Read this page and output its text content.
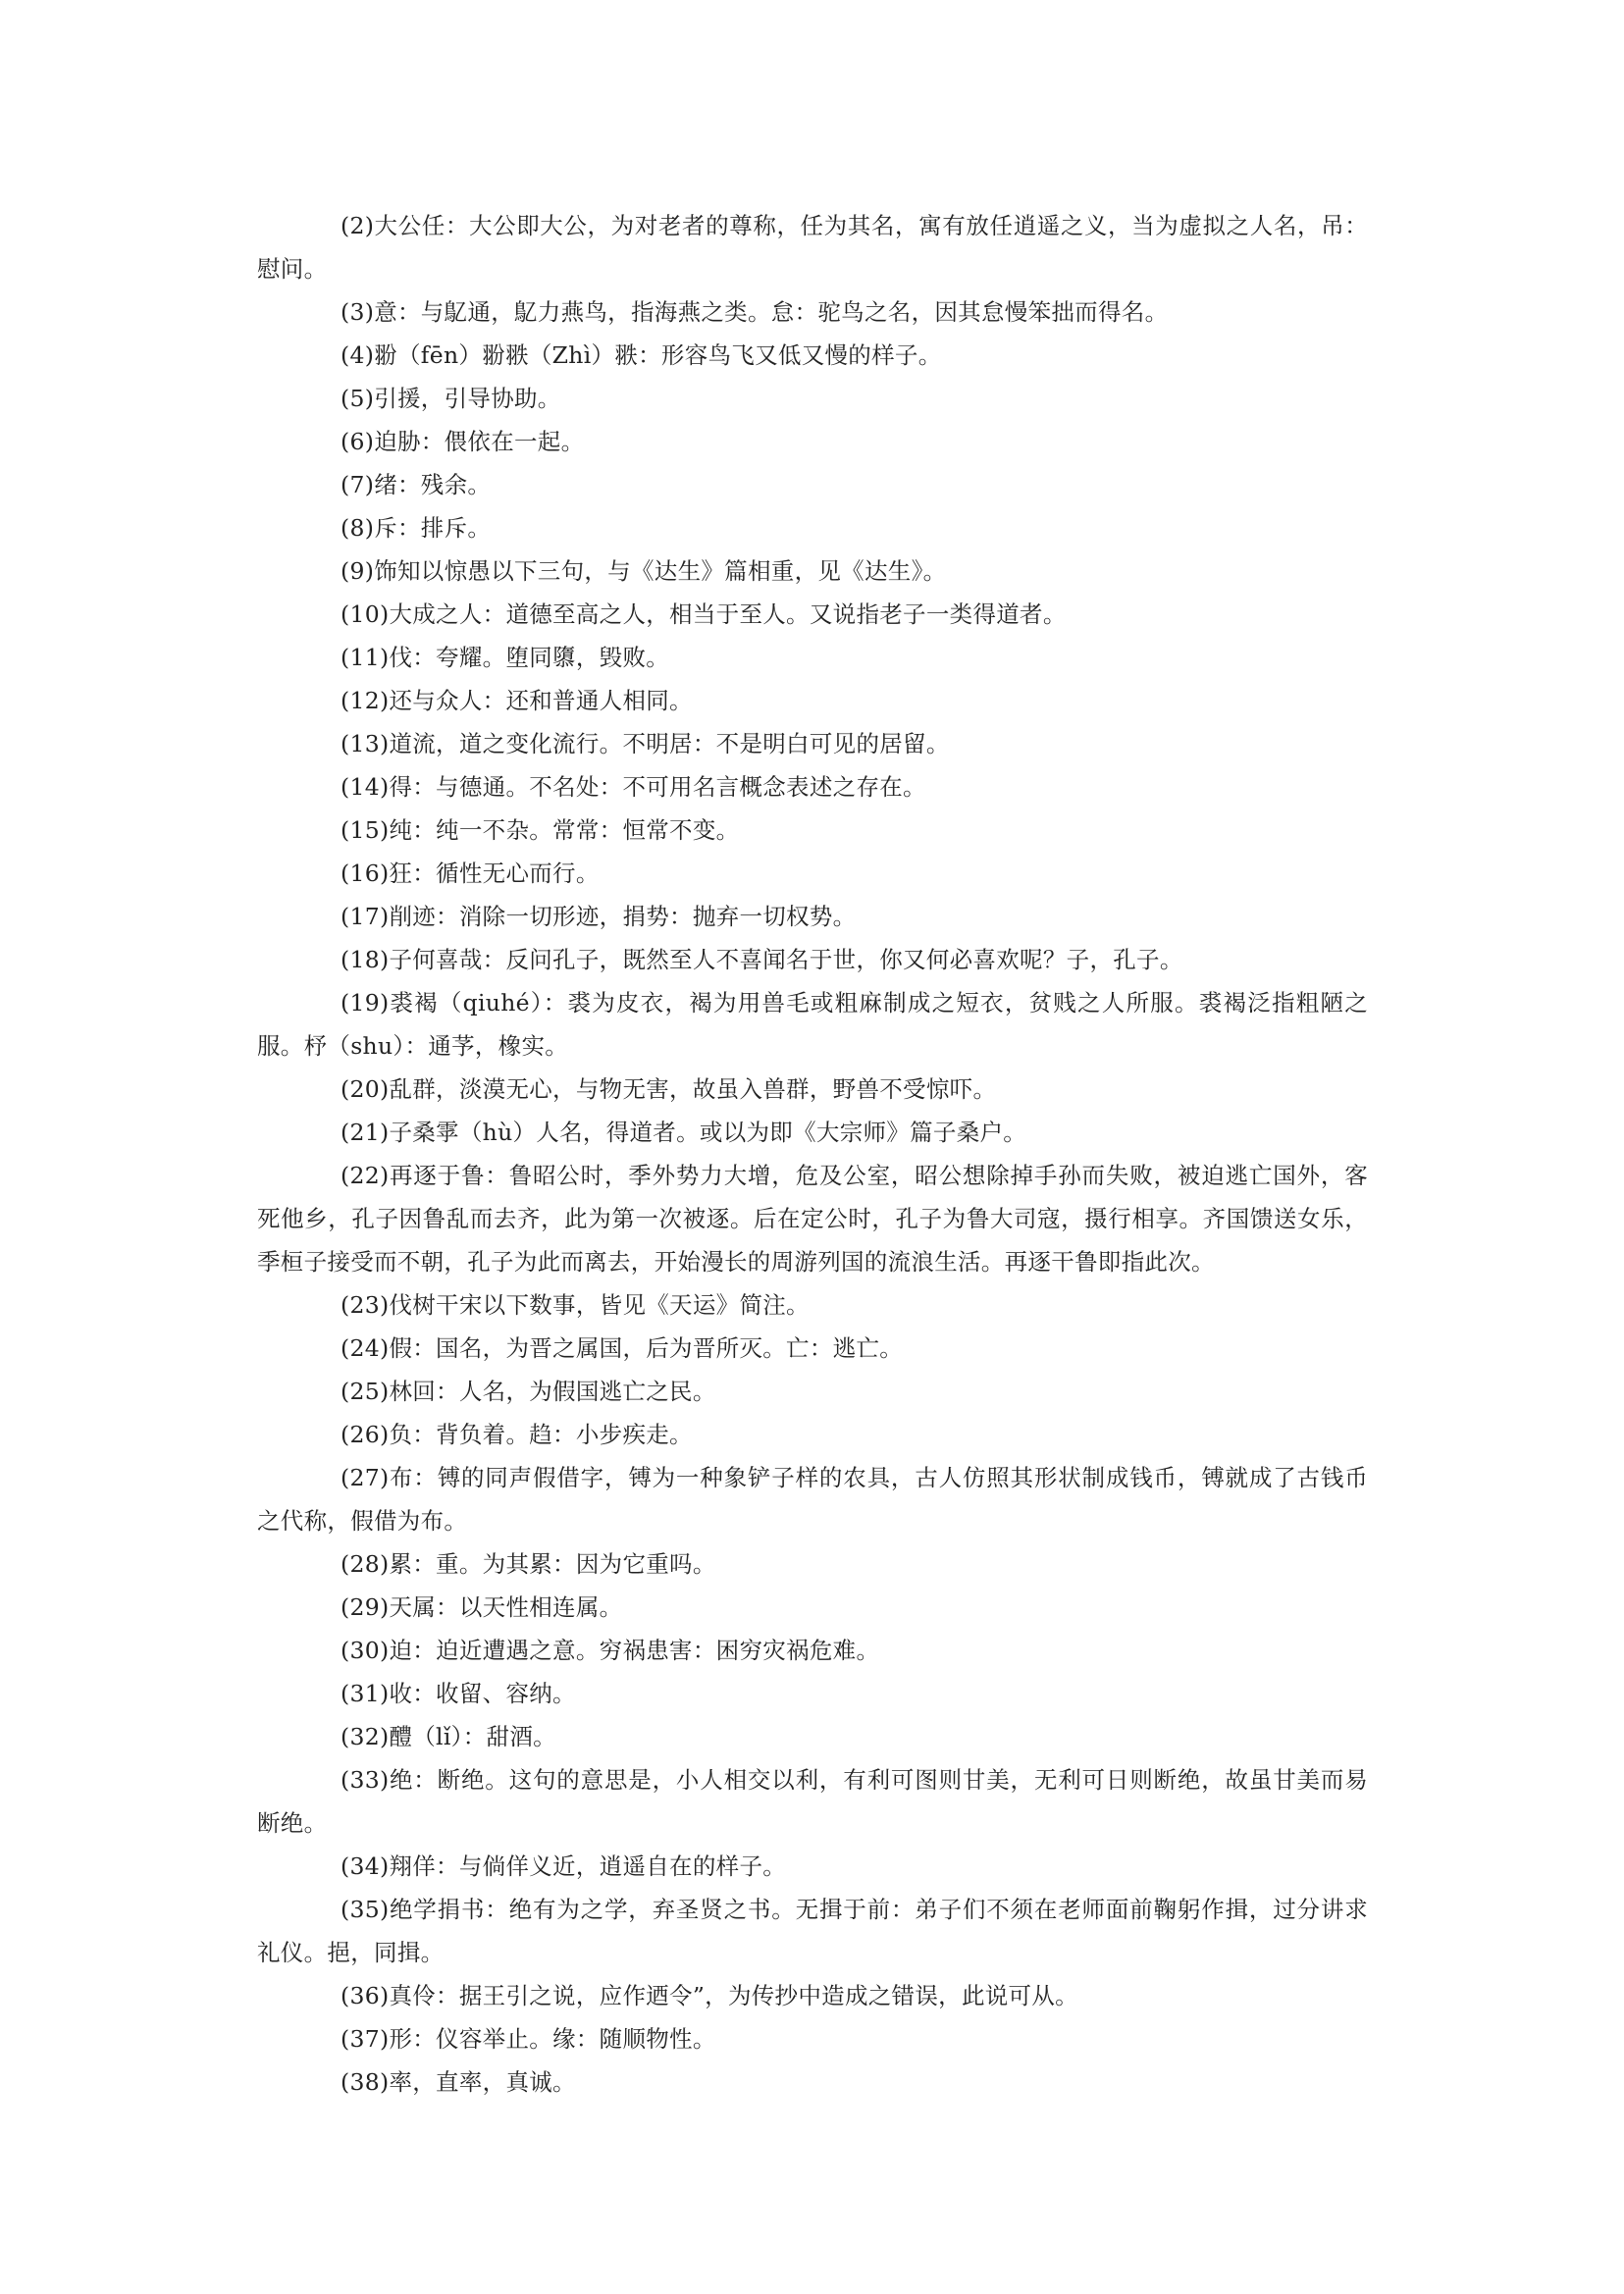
(2)大公任：大公即大公，为对老者的尊称，任为其名，寓有放任逍遥之义，当为虚拟之人名，吊：慰问。

(3)意：与鳦通，鳦力燕鸟，指海燕之类。怠：驼鸟之名，因其怠慢笨拙而得名。

(4)翂（fēn）翂翐（Zhì）翐：形容鸟飞又低又慢的样子。

(5)引援，引导协助。

(6)迫胁：偎依在一起。

(7)绪：残余。

(8)斥：排斥。

(9)饰知以惊愚以下三句，与《达生》篇相重，见《达生》。

(10)大成之人：道德至高之人，相当于至人。又说指老子一类得道者。

(11)伐：夸耀。堕同隳，毁败。

(12)还与众人：还和普通人相同。

(13)道流，道之变化流行。不明居：不是明白可见的居留。

(14)得：与德通。不名处：不可用名言概念表述之存在。

(15)纯：纯一不杂。常常：恒常不变。

(16)狂：循性无心而行。

(17)削迹：消除一切形迹，捐势：抛弃一切权势。

(18)子何喜哉：反问孔子，既然至人不喜闻名于世，你又何必喜欢呢？子，孔子。

(19)裘褐（qiuhé）：裘为皮衣，褐为用兽毛或粗麻制成之短衣，贫贱之人所服。裘褐泛指粗陋之服。杼（shu）：通芧，橡实。

(20)乱群，淡漠无心，与物无害，故虽入兽群，野兽不受惊吓。

(21)子桑雽（hù）人名，得道者。或以为即《大宗师》篇子桑户。

(22)再逐于鲁：鲁昭公时，季外势力大增，危及公室，昭公想除掉手孙而失败，被迫逃亡国外，客死他乡，孔子因鲁乱而去齐，此为第一次被逐。后在定公时，孔子为鲁大司寇，摄行相享。齐国馈送女乐，季桓子接受而不朝，孔子为此而离去，开始漫长的周游列国的流浪生活。再逐干鲁即指此次。

(23)伐树干宋以下数事，皆见《天运》简注。

(24)假：国名，为晋之属国，后为晋所灭。亡：逃亡。

(25)林回：人名，为假国逃亡之民。

(26)负：背负着。趋：小步疾走。

(27)布：镈的同声假借字，镈为一种象铲子样的农具，古人仿照其形状制成钱币，镈就成了古钱币之代称，假借为布。

(28)累：重。为其累：因为它重吗。

(29)天属：以天性相连属。

(30)迫：迫近遭遇之意。穷祸患害：困穷灾祸危难。

(31)收：收留、容纳。

(32)醴（lǐ）：甜酒。

(33)绝：断绝。这句的意思是，小人相交以利，有利可图则甘美，无利可日则断绝，故虽甘美而易断绝。

(34)翔佯：与倘佯义近，逍遥自在的样子。

(35)绝学捐书：绝有为之学，弃圣贤之书。无揖于前：弟子们不须在老师面前鞠躬作揖，过分讲求礼仪。挹，同揖。

(36)真伶：据王引之说，应作迺令”，为传抄中造成之错误，此说可从。

(37)形：仪容举止。缘：随顺物性。

(38)率，直率，真诚。
